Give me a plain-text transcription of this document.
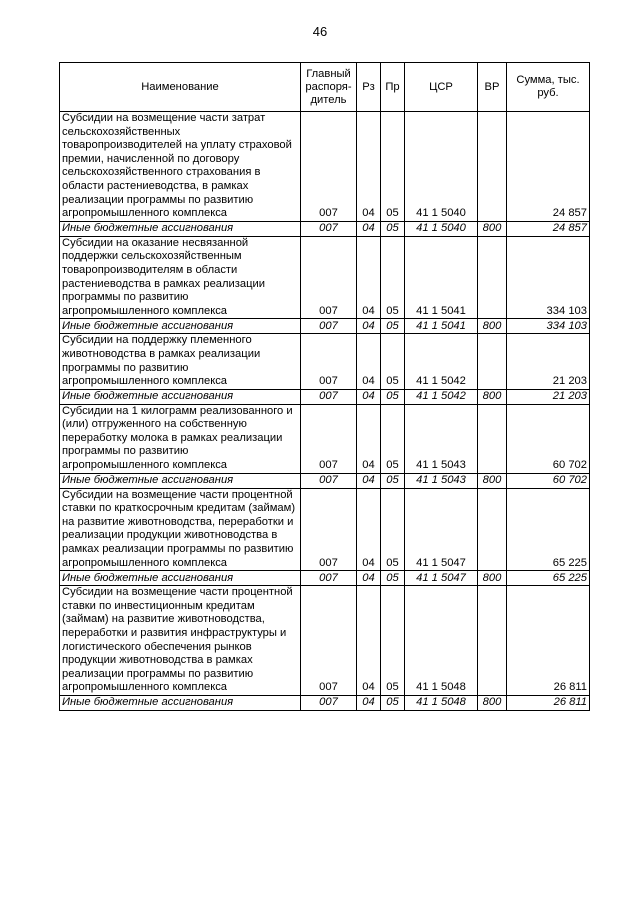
46
Наименование	Главный распоря-дитель	Рз	Пр	ЦСР	ВР	Сумма, тыс. руб.
Субсидии на возмещение части затрат сельскохозяйственных товаропроизводителей на уплату страховой премии, начисленной по договору сельскохозяйственного страхования в области растениеводства, в рамках реализации программы по развитию агропромышленного комплекса	007	04	05	41 1 5040		24 857
Иные бюджетные ассигнования	007	04	05	41 1 5040	800	24 857
Субсидии на оказание несвязанной поддержки сельскохозяйственным товаропроизводителям в области растениеводства в рамках реализации программы по развитию агропромышленного комплекса	007	04	05	41 1 5041		334 103
Иные бюджетные ассигнования	007	04	05	41 1 5041	800	334 103
Субсидии на поддержку племенного животноводства в рамках реализации программы по развитию агропромышленного комплекса	007	04	05	41 1 5042		21 203
Иные бюджетные ассигнования	007	04	05	41 1 5042	800	21 203
Субсидии на 1 килограмм реализованного и (или) отгруженного на собственную переработку молока в рамках реализации программы по развитию агропромышленного комплекса	007	04	05	41 1 5043		60 702
Иные бюджетные ассигнования	007	04	05	41 1 5043	800	60 702
Субсидии на возмещение части процентной ставки по краткосрочным кредитам (займам) на развитие животноводства, переработки и реализации продукции животноводства в рамках реализации программы по развитию агропромышленного комплекса	007	04	05	41 1 5047		65 225
Иные бюджетные ассигнования	007	04	05	41 1 5047	800	65 225
Субсидии на возмещение части процентной ставки по инвестиционным кредитам (займам) на развитие животноводства, переработки и развития инфраструктуры и логистического обеспечения рынков продукции животноводства в рамках реализации программы по развитию агропромышленного комплекса	007	04	05	41 1 5048		26 811
Иные бюджетные ассигнования	007	04	05	41 1 5048	800	26 811
